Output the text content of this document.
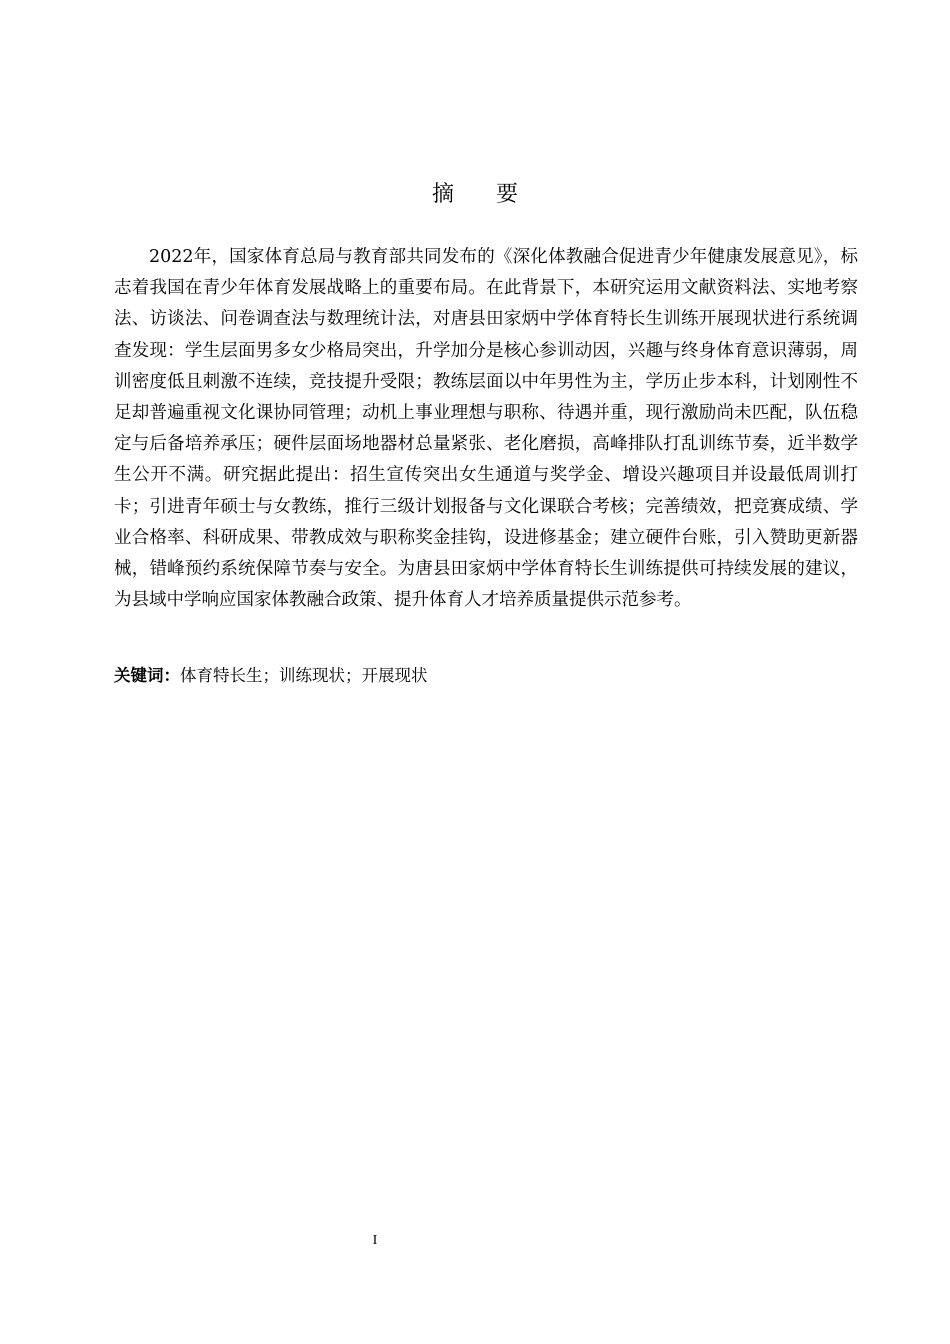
摘要

2022年，国家体育总局与教育部共同发布的《深化体教融合促进青少年健康发展意见》，标志着我国在青少年体育发展战略上的重要布局。在此背景下，本研究运用文献资料法、实地考察法、访谈法、问卷调查法与数理统计法，对唐县田家炳中学体育特长生训练开展现状进行系统调查发现：学生层面男多女少格局突出，升学加分是核心参训动因，兴趣与终身体育意识薄弱，周训密度低且刺激不连续，竞技提升受限；教练层面以中年男性为主，学历止步本科，计划刚性不足却普遍重视文化课协同管理；动机上事业理想与职称、待遇并重，现行激励尚未匹配，队伍稳定与后备培养承压；硬件层面场地器材总量紧张、老化磨损，高峰排队打乱训练节奏，近半数学生公开不满。研究据此提出：招生宣传突出女生通道与奖学金、增设兴趣项目并设最低周训打卡；引进青年硕士与女教练，推行三级计划报备与文化课联合考核；完善绩效，把竞赛成绩、学业合格率、科研成果、带教成效与职称奖金挂钩，设进修基金；建立硬件台账，引入赞助更新器械，错峰预约系统保障节奏与安全。为唐县田家炳中学体育特长生训练提供可持续发展的建议，为县域中学响应国家体教融合政策、提升体育人才培养质量提供示范参考。

关键词：体育特长生；训练现状；开展现状

I
